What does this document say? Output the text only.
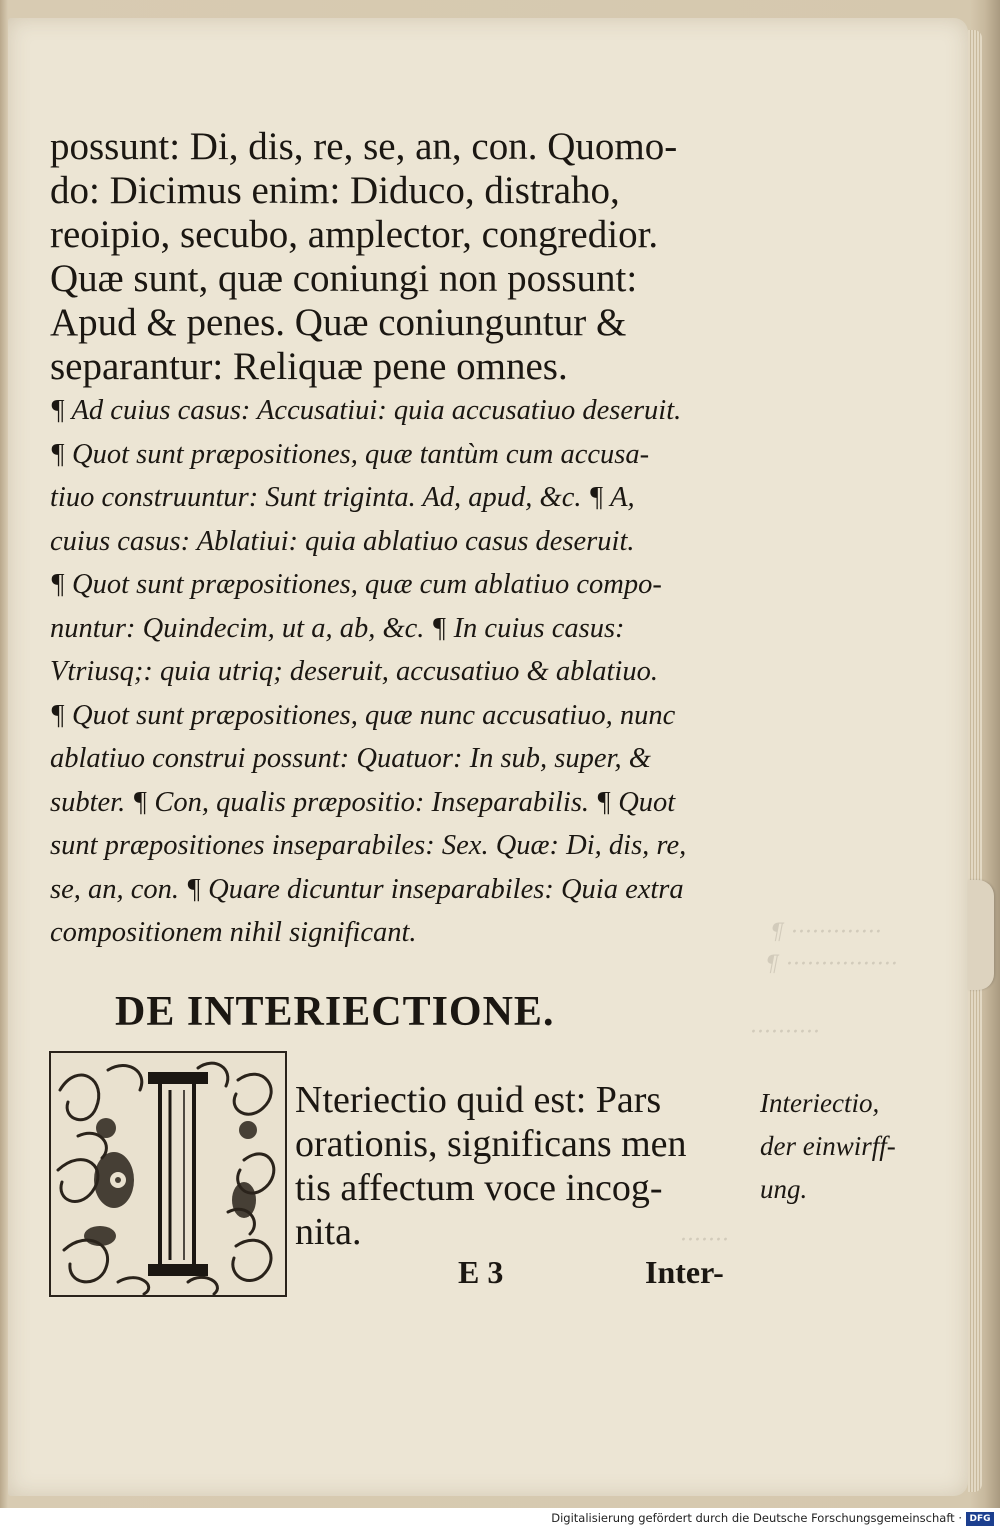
¶ ·············
¶ ················
··········
·······

possunt: Di, dis, re, se, an, con. Quomo-

do: Dicimus enim: Diduco, distraho,

reoipio, secubo, amplector, congredior.

Quæ sunt, quæ coniungi non possunt:

Apud & penes. Quæ coniunguntur &

separantur: Reliquæ pene omnes.

¶ Ad cuius casus: Accusatiui: quia accusatiuo deseruit.

¶ Quot sunt præpositiones, quæ tantùm cum accusa-

tiuo construuntur: Sunt triginta. Ad, apud, &c. ¶ A,

cuius casus: Ablatiui: quia ablatiuo casus deseruit.

¶ Quot sunt præpositiones, quæ cum ablatiuo compo-

nuntur: Quindecim, ut a, ab, &c. ¶ In cuius casus:

Vtriusq;: quia utriq; deseruit, accusatiuo & ablatiuo.

¶ Quot sunt præpositiones, quæ nunc accusatiuo, nunc

ablatiuo construi possunt: Quatuor: In sub, super, &

subter. ¶ Con, qualis præpositio: Inseparabilis. ¶ Quot

sunt præpositiones inseparabiles: Sex. Quæ: Di, dis, re,

se, an, con. ¶ Quare dicuntur inseparabiles: Quia extra

compositionem nihil significant.

DE INTERIECTIONE.

Nteriectio quid est: Pars

orationis, significans men

tis affectum voce incog-

nita.

Interiectio,

der einwirff-

ung.

E 3	Inter-

Digitalisierung gefördert durch die Deutsche Forschungsgemeinschaft · DFG
